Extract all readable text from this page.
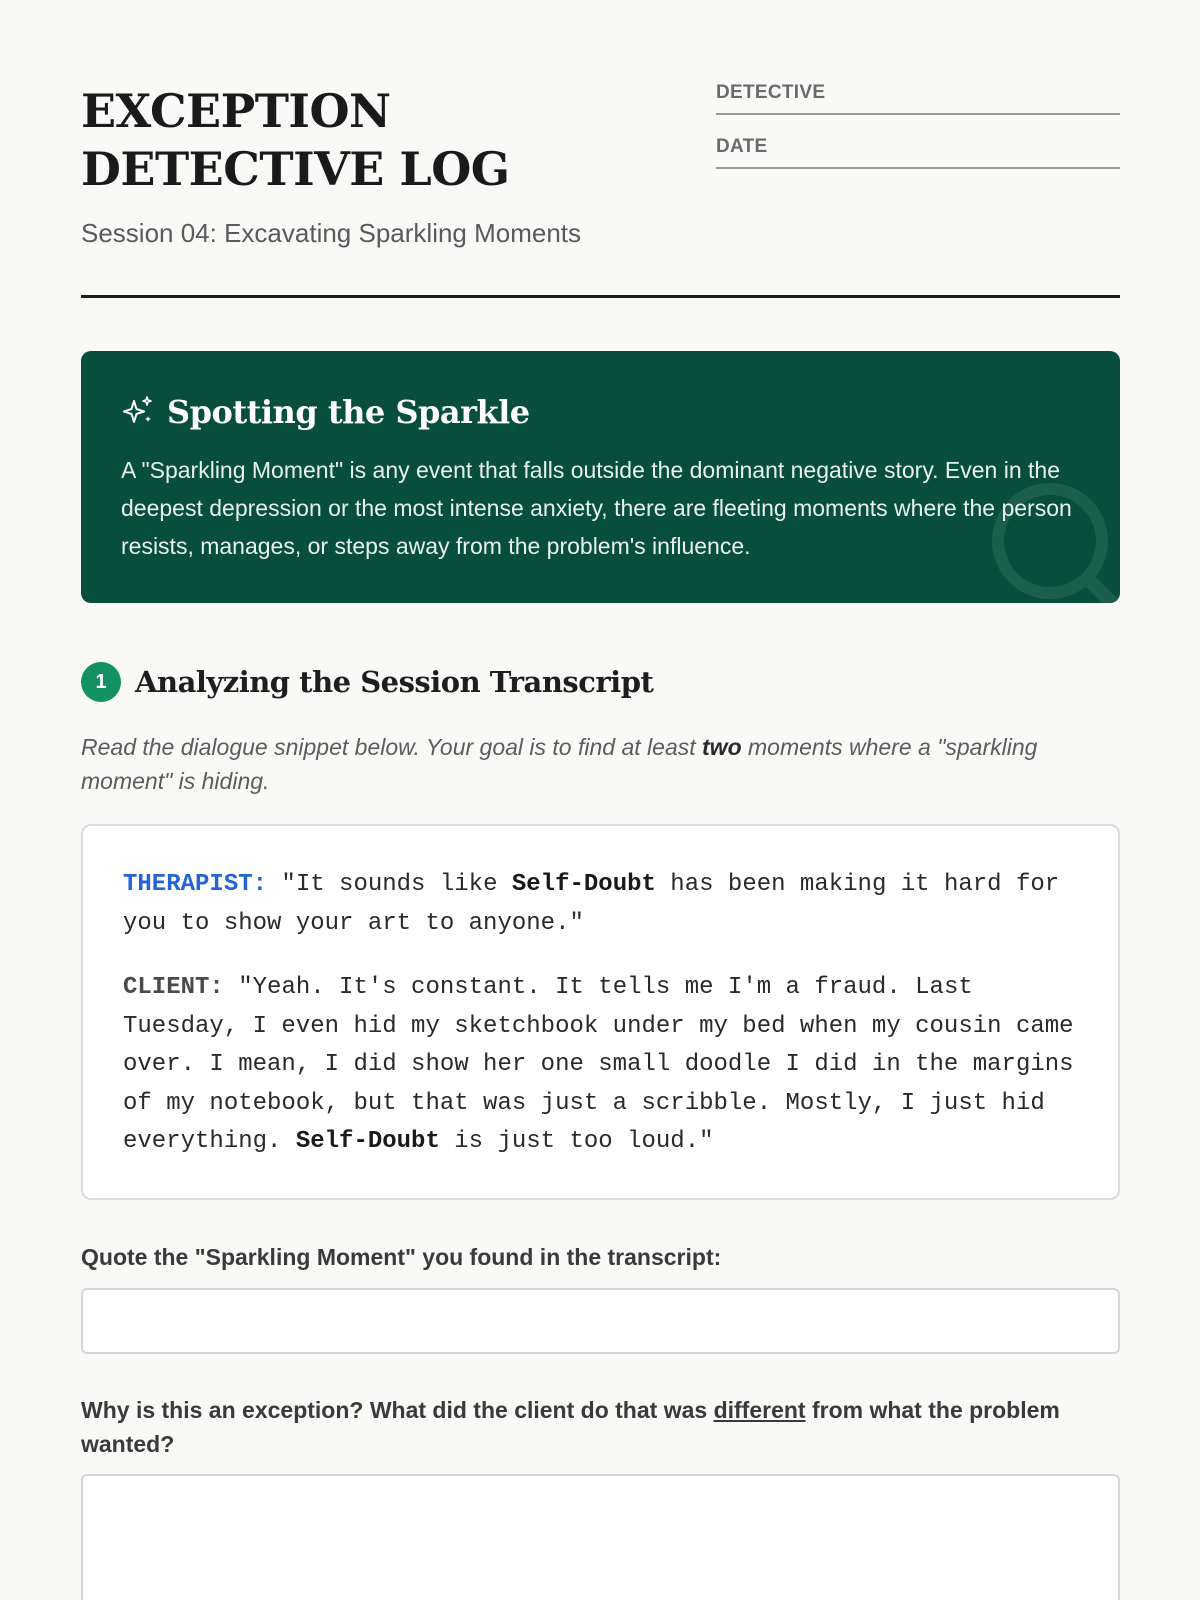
EXCEPTION DETECTIVE LOG
Session 04: Excavating Sparkling Moments
DETECTIVE
DATE
Spotting the Sparkle

A "Sparkling Moment" is any event that falls outside the dominant negative story. Even in the deepest depression or the most intense anxiety, there are fleeting moments where the person resists, manages, or steps away from the problem's influence.

1 Analyzing the Session Transcript

Read the dialogue snippet below. Your goal is to find at least two moments where a "sparkling moment" is hiding.

THERAPIST: "It sounds like Self-Doubt has been making it hard for you to show your art to anyone."

CLIENT: "Yeah. It's constant. It tells me I'm a fraud. Last Tuesday, I even hid my sketchbook under my bed when my cousin came over. I mean, I did show her one small doodle I did in the margins of my notebook, but that was just a scribble. Mostly, I just hid everything. Self-Doubt is just too loud."

Quote the "Sparkling Moment" you found in the transcript:
Why is this an exception? What did the client do that was different from what the problem wanted?
